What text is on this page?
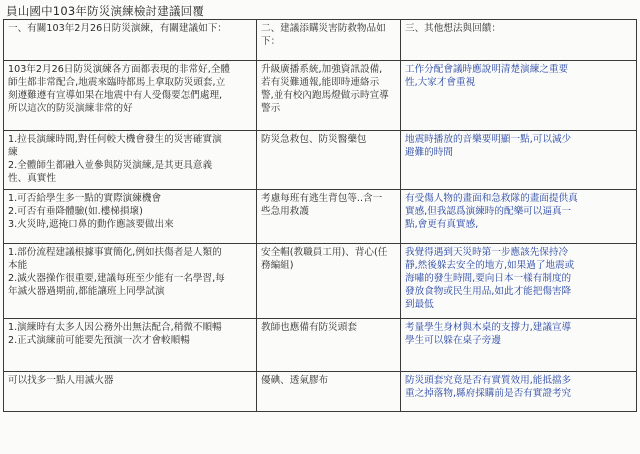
員山國中103年防災演練檢討建議回覆
一、有關103年2月26日防災演練，有關建議如下：	二、建議添購災害防救物品如下：	三、其他想法與回饋：

103年2月26日防災演練各方面都表現的非常好,全體
師生都非常配合,地震來臨時都馬上拿取防災頭套,立
刻遵難遵有宣導如果在地震中有人受傷要怎們處理,
所以這次的防災演練非常的好	升級廣播系統,加強資訊設備,
若有災難通報,能即時連絡示
警,並有校內跑馬燈做示時宣導
警示	工作分配會議時應說明清楚演練之重要
性,大家才會重視

1.拉長演練時間,對任何較大機會發生的災害確實演
練
2.全體師生都融入並參與防災演練,是其更具意義
性、真實性	防災急救包、防災醫藥包	地震時播放的音樂要明顯一點,可以減少
避難的時間

1.可否給學生多一點的實際演練機會
2.可否有垂降體驗(如.樓梯損壞)
3.火災時,遮掩口鼻的動作應該要做出來	考慮每班有逃生背包等..含一
些急用救護	有受傷人物的畫面和急救隊的畫面提供真
實感,但我認爲演練時的配樂可以逼真一
點,會更有真實感,

1.部份流程建議根據事實簡化,例如扶傷者是人類的
本能
2.滅火器操作很重要,建議每班至少能有一名學習,每
年滅火器過期前,都能讓班上同學試演	安全帽(教職員工用)、背心(任
務編組)	我覺得遇到天災時第一步應該先保持冷
靜,然後躲去安全的地方,如果過了地震或
海嘯的發生時間,要向日本一樣有制度的
發放食物或民生用品,如此才能把傷害降
到最低

1.演練時有太多人因公務外出無法配合,稍微不順暢
2.正式演練前可能要先預演一次才會較順暢	教師也應備有防災頭套	考量學生身材與木桌的支撐力,建議宣導
學生可以躲在桌子旁邊

可以找多一點人用滅火器	優碘、透氣膠布	防災頭套究竟是否有實質效用,能抵擋多
重之掉落物,縣府採購前是否有實證考究
